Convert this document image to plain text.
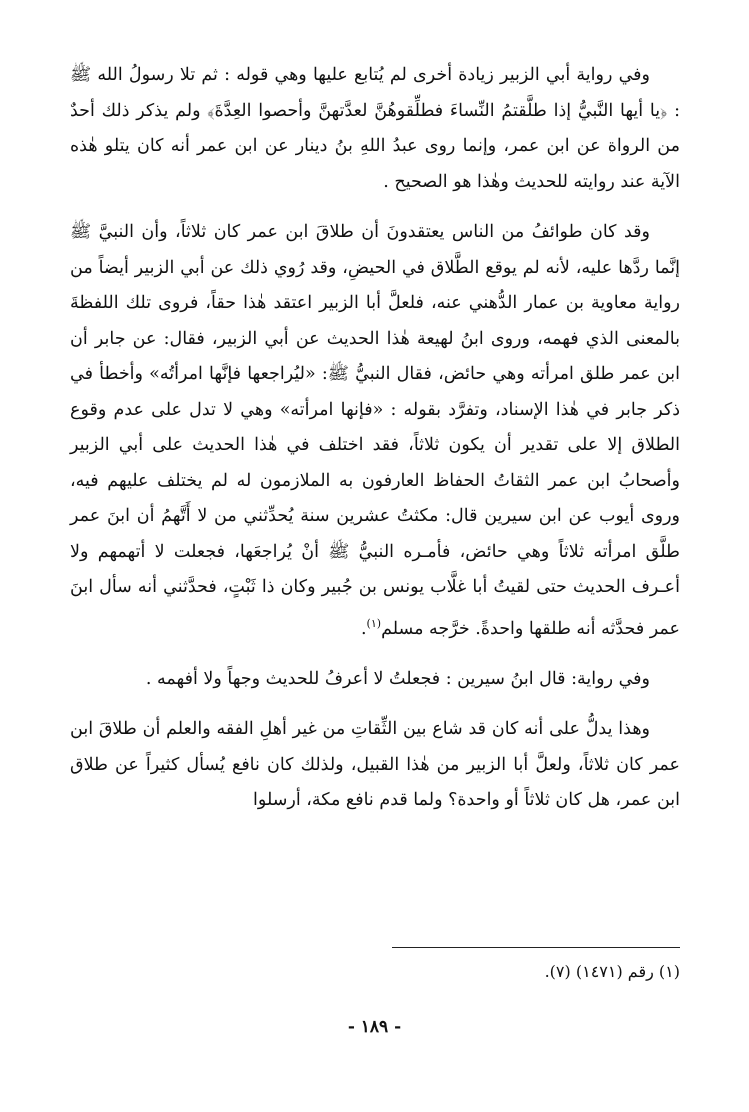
وفي رواية أبي الزبير زيادة أخرى لم يُتابع عليها وهي قوله : ثم تلا رسولُ الله ﷺ : ﴿يا أيها النَّبيُّ إذا طلَّقتمُ النِّساءَ فطلِّقوهُنَّ لعدَّتهنَّ وأحصوا العِدَّةَ﴾ ولم يذكر ذلك أحدٌ من الرواة عن ابن عمر، وإنما روى عبدُ اللهِ بنُ دينار عن ابن عمر أنه كان يتلو هٰذه الآية عند روايته للحديث وهٰذا هو الصحيح .

وقد كان طوائفُ من الناس يعتقدونَ أن طلاقَ ابن عمر كان ثلاثاً، وأن النبيَّ ﷺ إنَّما ردَّها عليه، لأنه لم يوقع الطَّلاق في الحيضِ، وقد رُوي ذلك عن أبي الزبير أيضاً من رواية معاوية بن عمار الدُّهني عنه، فلعلَّ أبا الزبير اعتقد هٰذا حقاً، فروى تلك اللفظةَ بالمعنى الذي فهمه، وروى ابنُ لهيعة هٰذا الحديث عن أبي الزبير، فقال: عن جابر أن ابن عمر طلق امرأته وهي حائض، فقال النبيُّ ﷺ: «ليُراجعها فإنَّها امرأتُه» وأخطأ في ذكر جابر في هٰذا الإسناد، وتفرَّد بقوله : «فإنها امرأته» وهي لا تدل على عدم وقوع الطلاق إلا على تقدير أن يكون ثلاثاً، فقد اختلف في هٰذا الحديث على أبي الزبير وأصحابُ ابن عمر الثقاتُ الحفاظ العارفون به الملازمون له لم يختلف عليهم فيه، وروى أيوب عن ابن سيرين قال: مكثتُ عشرين سنة يُحدِّثني من لا أَتَّهمُ أن ابنَ عمر طلَّق امرأته ثلاثاً وهي حائض، فأمـره النبيُّ ﷺ أنْ يُراجعَها، فجعلت لا أتهمهم ولا أعـرف الحديث حتى لقيتُ أبا غلَّاب يونس بن جُبير وكان ذا ثَبْتٍ، فحدَّثني أنه سأل ابنَ عمر فحدَّثه أنه طلقها واحدةً. خرَّجه مسلم$^{(١)}$.

وفي رواية: قال ابنُ سيرين : فجعلتُ لا أعرفُ للحديث وجهاً ولا أفهمه .

وهذا يدلُّ على أنه كان قد شاع بين الثِّقاتِ من غير أهلِ الفقه والعلم أن طلاقَ ابن عمر كان ثلاثاً، ولعلَّ أبا الزبير من هٰذا القبيل، ولذلك كان نافع يُسأل كثيراً عن طلاق ابن عمر، هل كان ثلاثاً أو واحدة؟ ولما قدم نافع مكة، أرسلوا

(١) رقم (١٤٧١) (٧).
- ١٨٩ -
